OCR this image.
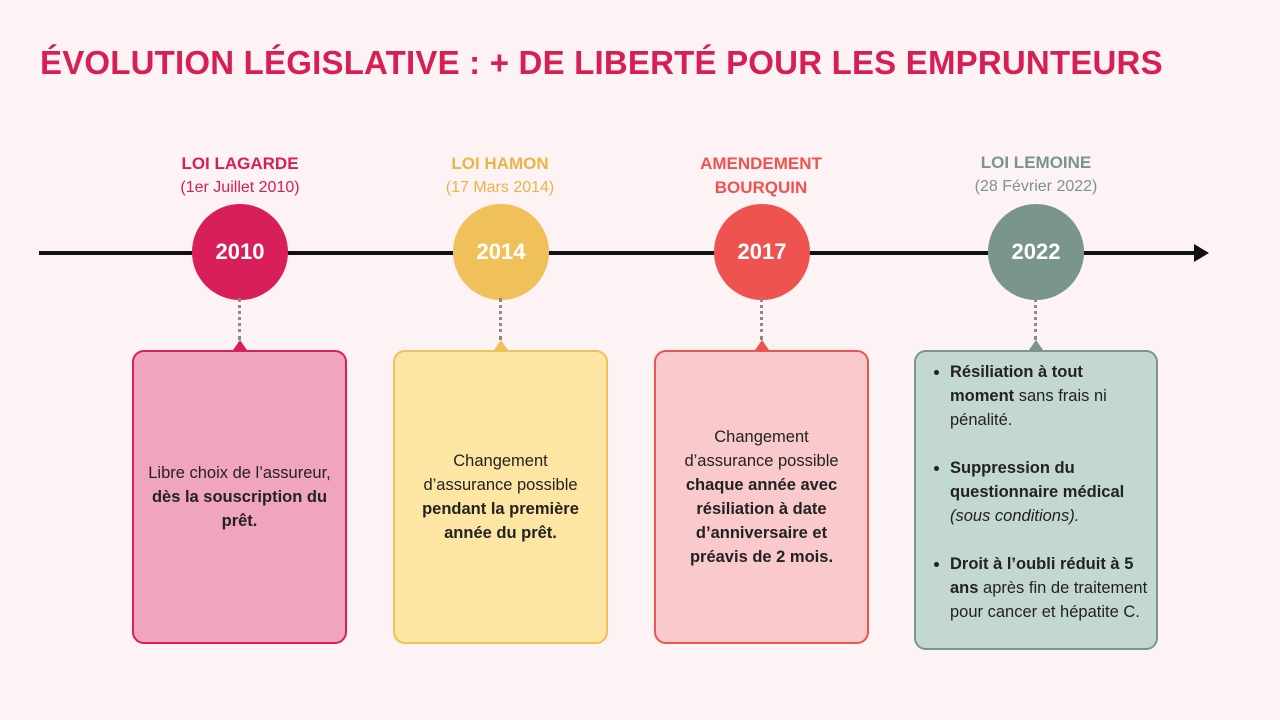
ÉVOLUTION LÉGISLATIVE : + DE LIBERTÉ POUR LES EMPRUNTEURS
LOI LAGARDE
(1er Juillet 2010)
2010
Libre choix de l’assureur,
dès la souscription du prêt.
LOI HAMON
(17 Mars 2014)
2014
Changement d’assurance possible
pendant la première année du prêt.
AMENDEMENT
BOURQUIN
2017
Changement d’assurance possible
chaque année avec résiliation à date d’anniversaire et préavis de 2 mois.
LOI LEMOINE
(28 Février 2022)
2022
• Résiliation à tout moment sans frais ni pénalité.
• Suppression du questionnaire médical
(sous conditions).
• Droit à l’oubli réduit à 5 ans après fin de traitement pour cancer et hépatite C.
